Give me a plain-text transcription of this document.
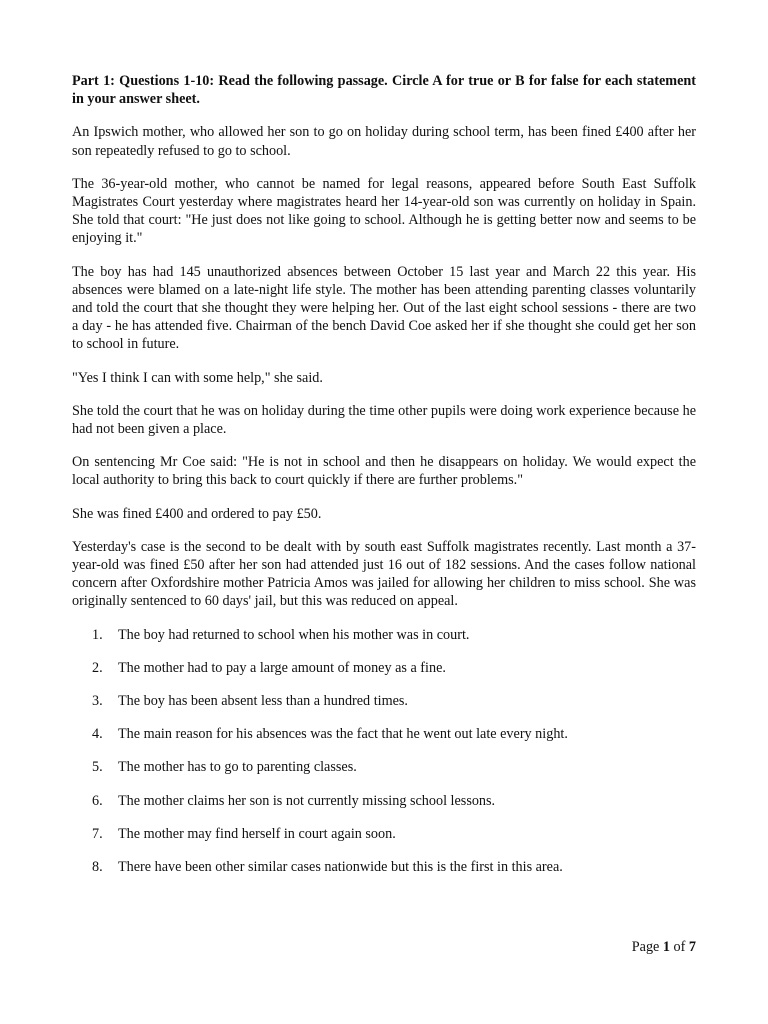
Part 1: Questions 1-10: Read the following passage. Circle A for true or B for false for each statement in your answer sheet.

An Ipswich mother, who allowed her son to go on holiday during school term, has been fined £400 after her son repeatedly refused to go to school.

The 36-year-old mother, who cannot be named for legal reasons, appeared before South East Suffolk Magistrates Court yesterday where magistrates heard her 14-year-old son was currently on holiday in Spain. She told that court: "He just does not like going to school. Although he is getting better now and seems to be enjoying it."

The boy has had 145 unauthorized absences between October 15 last year and March 22 this year. His absences were blamed on a late-night life style. The mother has been attending parenting classes voluntarily and told the court that she thought they were helping her. Out of the last eight school sessions - there are two a day - he has attended five. Chairman of the bench David Coe asked her if she thought she could get her son to school in future.

"Yes I think I can with some help," she said.

She told the court that he was on holiday during the time other pupils were doing work experience because he had not been given a place.

On sentencing Mr Coe said: "He is not in school and then he disappears on holiday. We would expect the local authority to bring this back to court quickly if there are further problems."

She was fined £400 and ordered to pay £50.

Yesterday's case is the second to be dealt with by south east Suffolk magistrates recently. Last month a 37-year-old was fined £50 after her son had attended just 16 out of 182 sessions. And the cases follow national concern after Oxfordshire mother Patricia Amos was jailed for allowing her children to miss school. She was originally sentenced to 60 days' jail, but this was reduced on appeal.

1.	The boy had returned to school when his mother was in court.
2.	The mother had to pay a large amount of money as a fine.
3.	The boy has been absent less than a hundred times.
4.	The main reason for his absences was the fact that he went out late every night.
5.	The mother has to go to parenting classes.
6.	The mother claims her son is not currently missing school lessons.
7.	The mother may find herself in court again soon.
8.	There have been other similar cases nationwide but this is the first in this area.
Page 1 of 7
